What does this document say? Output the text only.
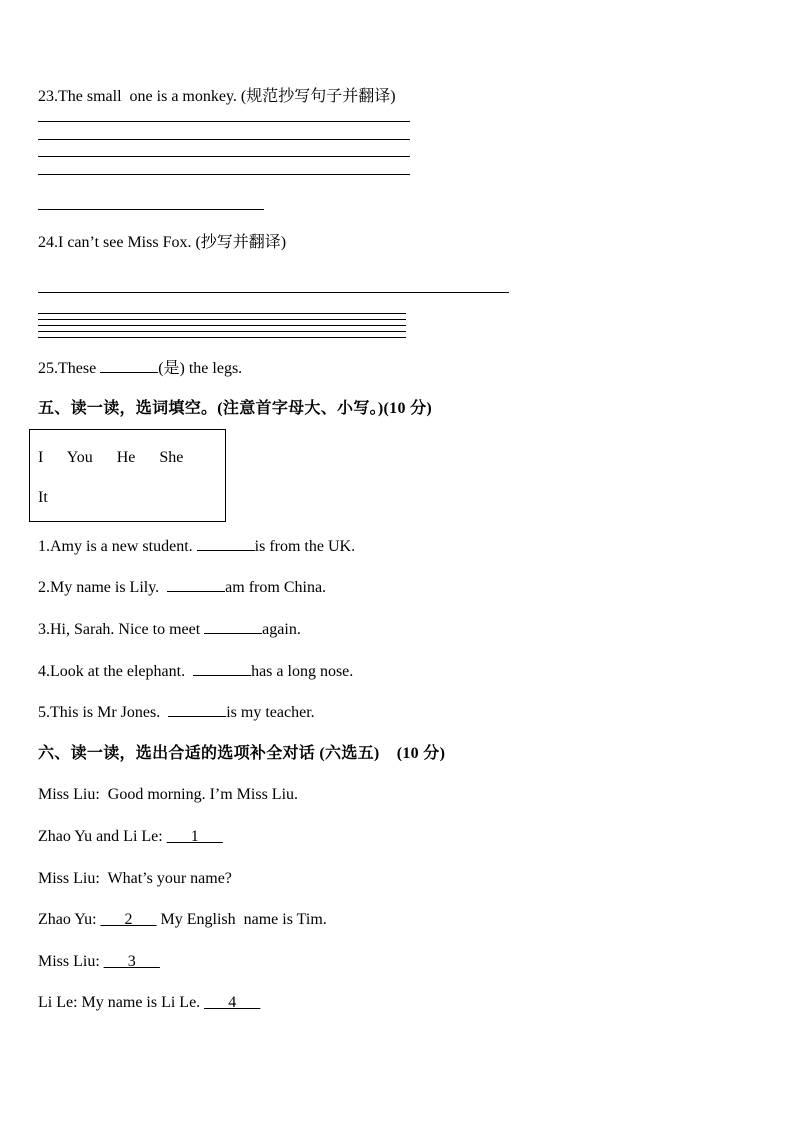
23.The small  one is a monkey. (规范抄写句子并翻译)
24.I can’t see Miss Fox. (抄写并翻译)
25.These	(是) the legs.
五、读一读，选词填空。(注意首字母大、小写。)(10 分)
I      You      He      She
It
1.Amy is a new student.	is from the UK.
2.My name is Lily.	am from China.
3.Hi, Sarah. Nice to meet	again.
4.Look at the elephant.	has a long nose.
5.This is Mr Jones.	is my teacher.
六、读一读，选出合适的选项补全对话 (六选五)    (10 分)
Miss Liu:  Good morning. I’m Miss Liu.
Zhao Yu and Li Le: ___1___
Miss Liu:  What’s your name?
Zhao Yu: ___2___ My English  name is Tim.
Miss Liu: ___3___
Li Le: My name is Li Le. ___4___
